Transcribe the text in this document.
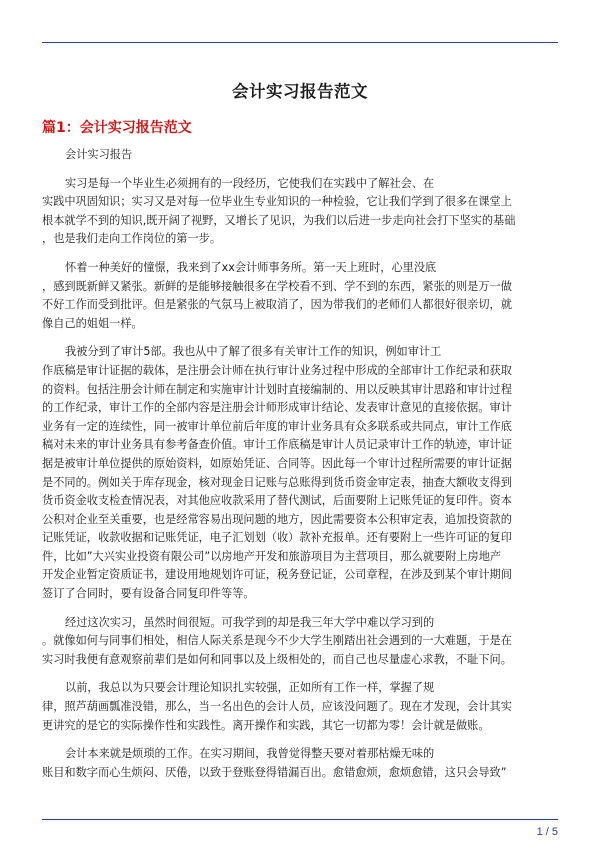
会计实习报告范文
篇1：会计实习报告范文

会计实习报告

实习是每一个毕业生必须拥有的一段经历，它使我们在实践中了解社会、在
实践中巩固知识；实习又是对每一位毕业生专业知识的一种检验，它让我们学到了很多在课堂上
根本就学不到的知识,既开阔了视野，又增长了见识，为我们以后进一步走向社会打下坚实的基础
，也是我们走向工作岗位的第一步。

怀着一种美好的憧憬，我来到了xx会计师事务所。第一天上班时，心里没底
，感到既新鲜又紧张。新鲜的是能够接触很多在学校看不到、学不到的东西，紧张的则是万一做
不好工作而受到批评。但是紧张的气氛马上被取消了，因为带我们的老师们人都很好很亲切，就
像自己的姐姐一样。

我被分到了审计5部。我也从中了解了很多有关审计工作的知识，例如审计工
作底稿是审计证据的载体，是注册会计师在执行审计业务过程中形成的全部审计工作纪录和获取
的资料。包括注册会计师在制定和实施审计计划时直接编制的、用以反映其审计思路和审计过程
的工作纪录，审计工作的全部内容是注册会计师形成审计结论、发表审计意见的直接依据。审计
业务有一定的连续性，同一被审计单位前后年度的审计业务具有众多联系或共同点，审计工作底
稿对未来的审计业务具有参考备查价值。审计工作底稿是审计人员记录审计工作的轨迹，审计证
据是被审计单位提供的原始资料，如原始凭证、合同等。因此每一个审计过程所需要的审计证据
是不同的。例如关于库存现金，核对现金日记账与总账得到货币资金审定表，抽查大额收支得到
货币资金收支检查情况表，对其他应收款采用了替代测试，后面要附上记账凭证的复印件。资本
公积对企业至关重要，也是经常容易出现问题的地方，因此需要资本公积审定表，追加投资款的
记账凭证，收款收据和记账凭证，电子汇划划（收）款补充报单。还有要附上一些许可证的复印
件，比如”大兴实业投资有限公司”以房地产开发和旅游项目为主营项目，那么就要附上房地产
开发企业暂定资质证书，建设用地规划许可证，税务登记证，公司章程，在涉及到某个审计期间
签订了合同时，要有设备合同复印件等等。

经过这次实习，虽然时间很短。可我学到的却是我三年大学中难以学习到的
。就像如何与同事们相处，相信人际关系是现今不少大学生刚踏出社会遇到的一大难题，于是在
实习时我便有意观察前辈们是如何和同事以及上级相处的，而自己也尽量虚心求教，不耻下问。

以前，我总以为只要会计理论知识扎实较强，正如所有工作一样，掌握了规
律，照芦葫画瓢准没错，那么，当一名出色的会计人员，应该没问题了。现在才发现，会计其实
更讲究的是它的实际操作性和实践性。离开操作和实践，其它一切都为零！会计就是做账。

会计本来就是烦琐的工作。在实习期间，我曾觉得整天要对着那枯燥无味的
账目和数字而心生烦闷、厌倦，以致于登账登得错漏百出。愈错愈烦，愈烦愈错，这只会导致”

1 / 5
